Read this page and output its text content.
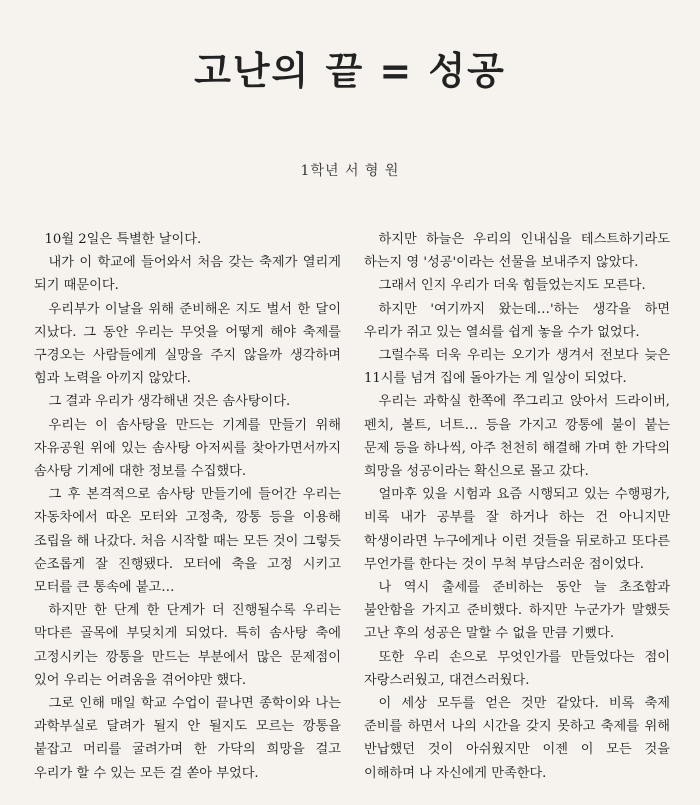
고난의 끝 = 성공
1학년 서 형 원

10월 2일은 특별한 날이다.

내가 이 학교에 들어와서 처음 갖는 축제가 열리게 되기 때문이다.

우리부가 이날을 위해 준비해온 지도 벌서 한 달이 지났다. 그 동안 우리는 무엇을 어떻게 해야 축제를 구경오는 사람들에게 실망을 주지 않을까 생각하며 힘과 노력을 아끼지 않았다.

그 결과 우리가 생각해낸 것은 솜사탕이다.

우리는 이 솜사탕을 만드는 기계를 만들기 위해 자유공원 위에 있는 솜사탕 아저씨를 찾아가면서까지 솜사탕 기계에 대한 정보를 수집했다.

그 후 본격적으로 솜사탕 만들기에 들어간 우리는 자동차에서 따온 모터와 고정축, 깡통 등을 이용해 조립을 해 나갔다. 처음 시작할 때는 모든 것이 그렇듯 순조롭게 잘 진행됐다. 모터에 축을 고정 시키고 모터를 큰 통속에 붙고…

하지만 한 단계 한 단계가 더 진행될수록 우리는 막다른 골목에 부딪치게 되었다. 특히 솜사탕 축에 고정시키는 깡통을 만드는 부분에서 많은 문제점이 있어 우리는 어려움을 겪어야만 했다.

그로 인해 매일 학교 수업이 끝나면 종학이와 나는 과학부실로 달려가 될지 안 될지도 모르는 깡통을 붙잡고 머리를 굴려가며 한 가닥의 희망을 걸고 우리가 할 수 있는 모든 걸 쏟아 부었다.

하지만 하늘은 우리의 인내심을 테스트하기라도 하는지 영 '성공'이라는 선물을 보내주지 않았다.

그래서 인지 우리가 더욱 힘들었는지도 모른다.

하지만 '여기까지 왔는데…'하는 생각을 하면 우리가 쥐고 있는 열쇠를 쉽게 놓을 수가 없었다.

그럴수록 더욱 우리는 오기가 생겨서 전보다 늦은 11시를 넘겨 집에 돌아가는 게 일상이 되었다.

우리는 과학실 한쪽에 쭈그리고 앉아서 드라이버, 펜치, 볼트, 너트… 등을 가지고 깡통에 불이 붙는 문제 등을 하나씩, 아주 천천히 해결해 가며 한 가닥의 희망을 성공이라는 확신으로 몰고 갔다.

얼마후 있을 시험과 요즘 시행되고 있는 수행평가, 비록 내가 공부를 잘 하거나 하는 건 아니지만 학생이라면 누구에게나 이런 것들을 뒤로하고 또다른 무언가를 한다는 것이 무척 부담스러운 점이었다.

나 역시 출세를 준비하는 동안 늘 초조함과 불안함을 가지고 준비했다. 하지만 누군가가 말했듯 고난 후의 성공은 말할 수 없을 만큼 기뻤다.

또한 우리 손으로 무엇인가를 만들었다는 점이 자랑스러웠고, 대견스러웠다.

이 세상 모두를 얻은 것만 같았다. 비록 축제 준비를 하면서 나의 시간을 갖지 못하고 축제를 위해 반납했던 것이 아쉬웠지만 이젠 이 모든 것을 이해하며 나 자신에게 만족한다.
